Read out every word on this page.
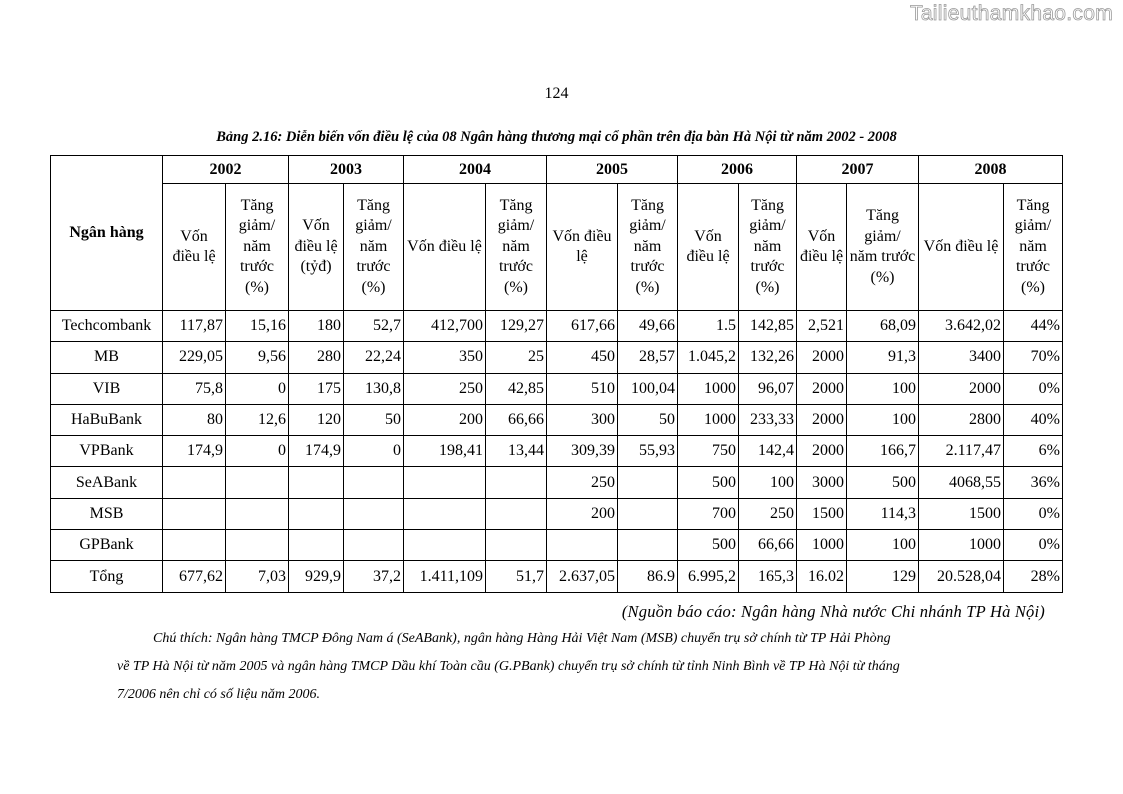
Tailieuthamkhao.com
124
Bảng 2.16: Diễn biến vốn điều lệ của 08 Ngân hàng thương mại cổ phần trên địa bàn Hà Nội từ năm 2002 - 2008
Ngân hàng	2002		2003		2004		2005		2006		2007		2008	
	Vốn điều lệ	Tăng giảm/ năm trước (%)	Vốn điều lệ (tỷđ)	Tăng giảm/ năm trước (%)	Vốn điều lệ	Tăng giảm/ năm trước (%)	Vốn điều lệ	Tăng giảm/ năm trước (%)	Vốn điều lệ	Tăng giảm/ năm trước (%)	Vốn điều lệ	Tăng giảm/ năm trước (%)	Vốn điều lệ	Tăng giảm/ năm trước (%)
Techcombank	117,87	15,16	180	52,7	412,700	129,27	617,66	49,66	1.5	142,85	2,521	68,09	3.642,02	44%
MB	229,05	9,56	280	22,24	350	25	450	28,57	1.045,2	132,26	2000	91,3	3400	70%
VIB	75,8	0	175	130,8	250	42,85	510	100,04	1000	96,07	2000	100	2000	0%
HaBuBank	80	12,6	120	50	200	66,66	300	50	1000	233,33	2000	100	2800	40%
VPBank	174,9	0	174,9	0	198,41	13,44	309,39	55,93	750	142,4	2000	166,7	2.117,47	6%
SeABank							250		500	100	3000	500	4068,55	36%
MSB							200		700	250	1500	114,3	1500	0%
GPBank									500	66,66	1000	100	1000	0%
Tổng	677,62	7,03	929,9	37,2	1.411,109	51,7	2.637,05	86.9	6.995,2	165,3	16.02	129	20.528,04	28%
(Nguồn báo cáo: Ngân hàng Nhà nước Chi nhánh TP Hà Nội)
Chú thích: Ngân hàng TMCP Đông Nam á (SeABank), ngân hàng Hàng Hải Việt Nam (MSB) chuyển trụ sở chính từ TP Hải Phòng
về TP Hà Nội từ năm 2005 và ngân hàng TMCP Dầu khí Toàn cầu (G.PBank) chuyển trụ sở chính từ tỉnh Ninh Bình về TP Hà Nội từ tháng
7/2006 nên chỉ có số liệu năm 2006.
